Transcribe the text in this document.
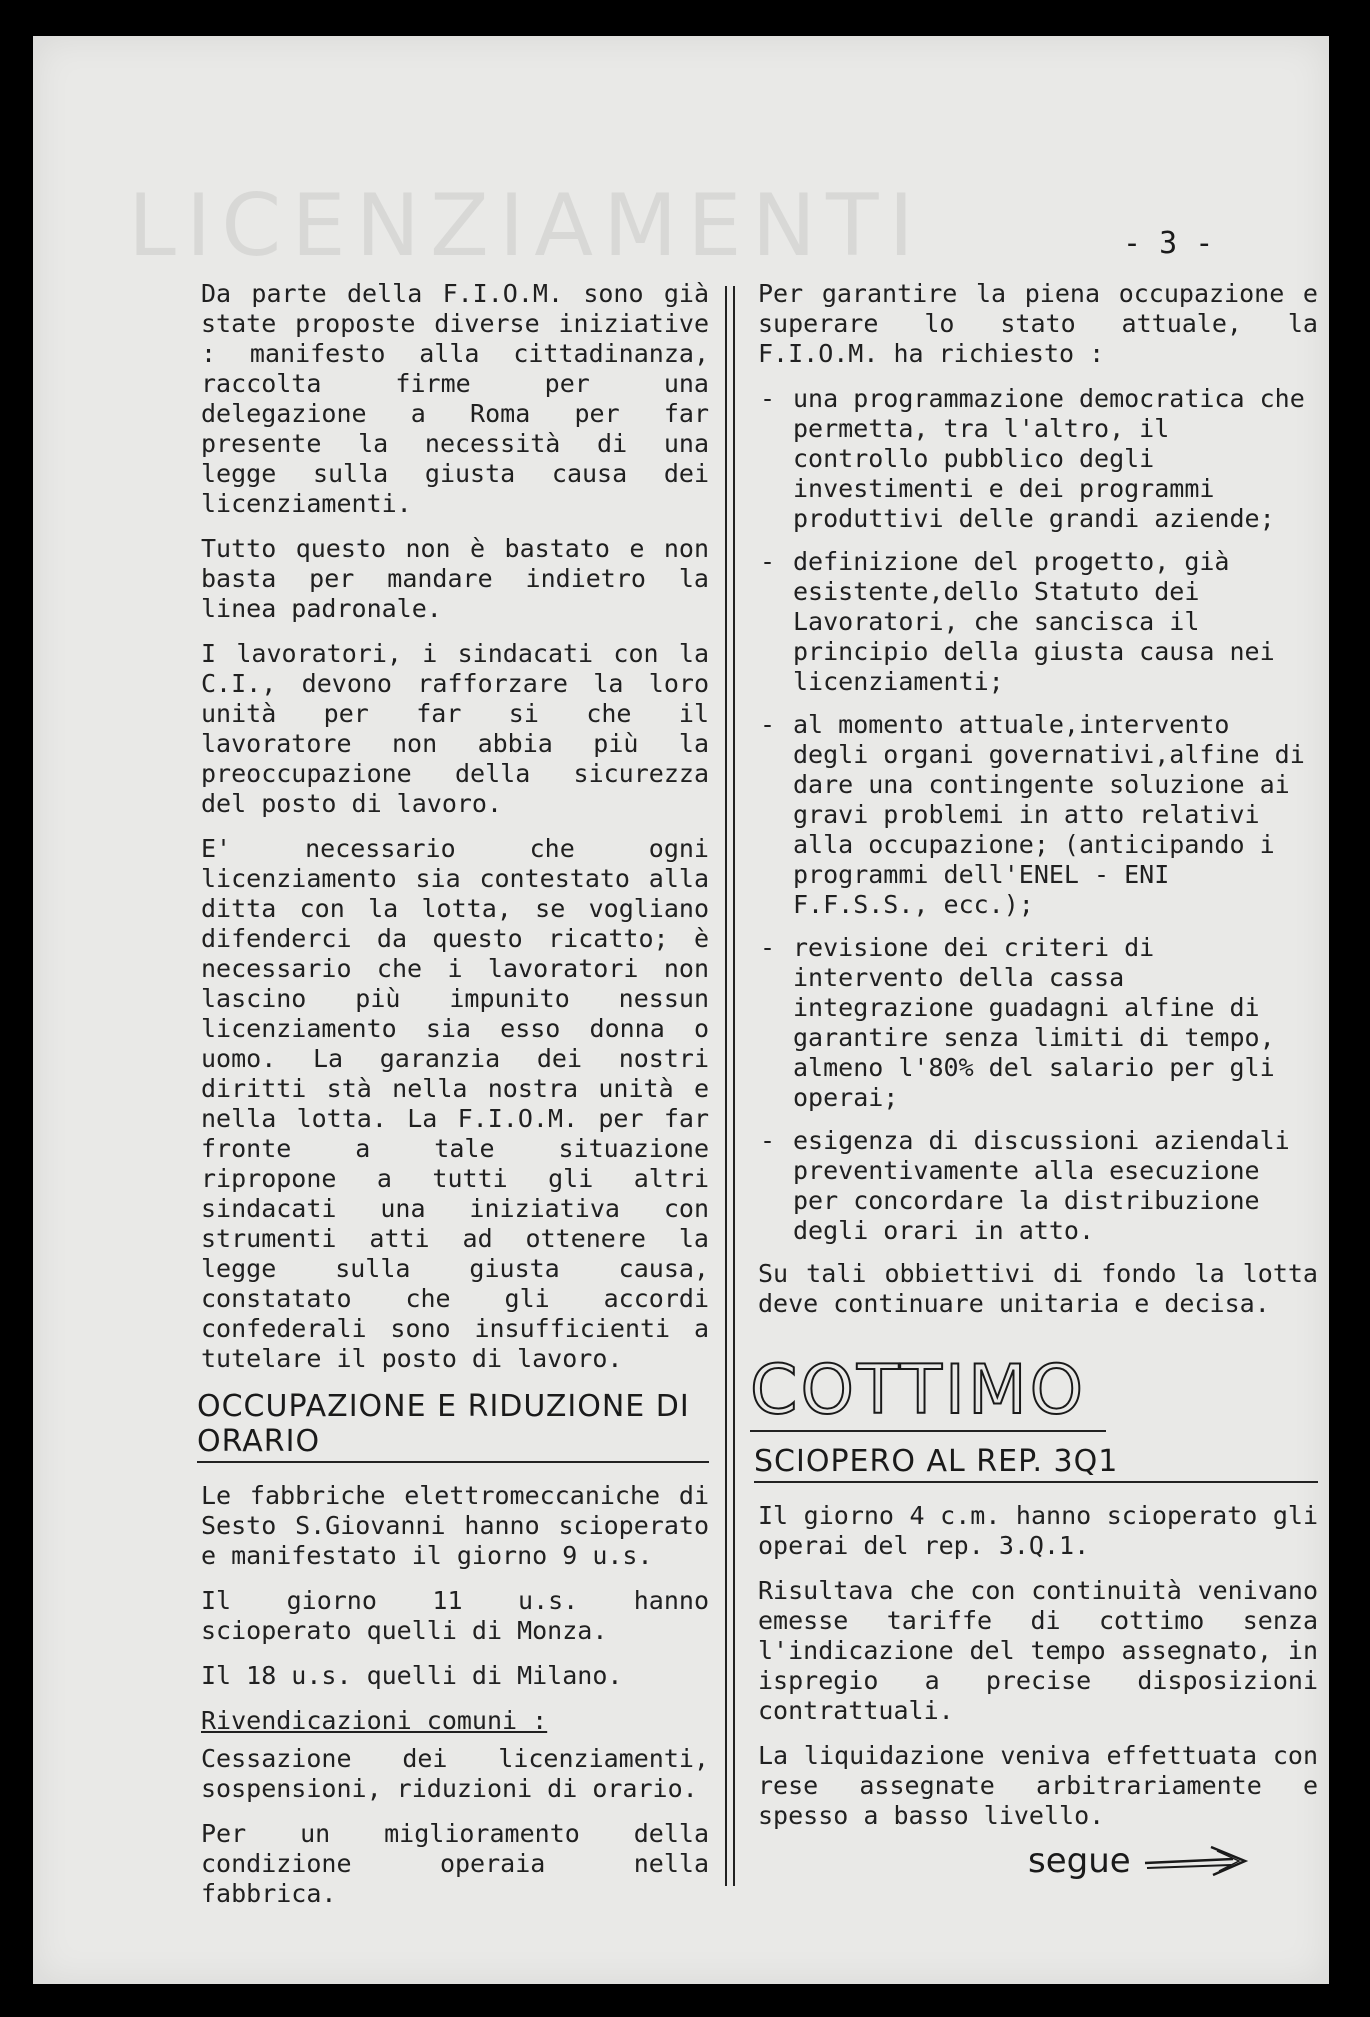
LICENZIAMENTI	- 3 -

Da parte della F.I.O.M. sono già state proposte diverse iniziative : manifesto alla cittadinanza, raccolta firme per una delegazione a Roma per far presente la necessità di una legge sulla giusta causa dei licenziamenti.

Tutto questo non è bastato e non basta per mandare indietro la linea padronale.

I lavoratori, i sindacati con la C.I., devono rafforzare la loro unità per far si che il lavoratore non abbia più la preoccupazione della sicurezza del posto di lavoro.

E' necessario che ogni licenziamento sia contestato alla ditta con la lotta, se vogliano difenderci da questo ricatto; è necessario che i lavoratori non lascino più impunito nessun licenziamento sia esso donna o uomo. La garanzia dei nostri diritti stà nella nostra unità e nella lotta. La F.I.O.M. per far fronte a tale situazione ripropone a tutti gli altri sindacati una iniziativa con strumenti atti ad ottenere la legge sulla giusta causa, constatato che gli accordi confederali sono insufficienti a tutelare il posto di lavoro.

OCCUPAZIONE E RIDUZIONE DI ORARIO

Le fabbriche elettromeccaniche di Sesto S.Giovanni hanno scioperato e manifestato il giorno 9 u.s.

Il giorno 11 u.s. hanno scioperato quelli di Monza.

Il 18 u.s. quelli di Milano.

Rivendicazioni comuni :

Cessazione dei licenziamenti, sospensioni, riduzioni di orario.

Per un miglioramento della condizione operaia nella fabbrica.

Per garantire la piena occupazione e superare lo stato attuale, la F.I.O.M. ha richiesto :

- una programmazione democratica che permetta, tra l'altro, il controllo pubblico degli investimenti e dei programmi produttivi delle grandi aziende;
- definizione del progetto, già esistente,dello Statuto dei Lavoratori, che sancisca il principio della giusta causa nei licenziamenti;
- al momento attuale,intervento degli organi governativi,alfine di dare una contingente soluzione ai gravi problemi in atto relativi alla occupazione; (anticipando i programmi dell'ENEL - ENI F.F.S.S., ecc.);
- revisione dei criteri di intervento della cassa integrazione guadagni alfine di garantire senza limiti di tempo, almeno l'80% del salario per gli operai;
- esigenza di discussioni aziendali preventivamente alla esecuzione per concordare la distribuzione degli orari in atto.

Su tali obbiettivi di fondo la lotta deve continuare unitaria e decisa.

COTTIMO
SCIOPERO AL REP. 3Q1

Il giorno 4 c.m. hanno scioperato gli operai del rep. 3.Q.1.

Risultava che con continuità venivano emesse tariffe di cottimo senza l'indicazione del tempo assegnato, in ispregio a precise disposizioni contrattuali.

La liquidazione veniva effettuata con rese assegnate arbitrariamente e spesso a basso livello.

segue
